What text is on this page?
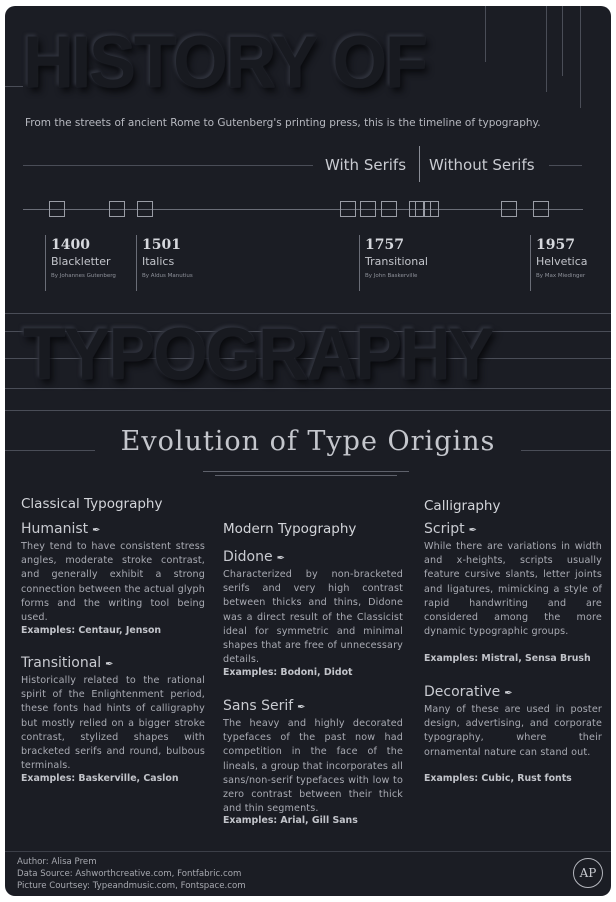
HISTORY OF
From the streets of ancient Rome to Gutenberg's printing press, this is the timeline of typography.
With Serifs Without Serifs
1400
Blackletter
By Johannes Gutenberg
1501
Italics
By Aldus Manutius
1757
Transitional
By John Baskerville
1957
Helvetica
By Max Miedinger
TYPOGRAPHY
Evolution of Type Origins
Classical Typography
Humanist ✒
They tend to have consistent stress angles, moderate stroke contrast, and generally exhibit a strong connection between the actual glyph forms and the writing tool being used.
Examples: Centaur, Jenson
Transitional ✒
Historically related to the rational spirit of the Enlightenment period, these fonts had hints of calligraphy but mostly relied on a bigger stroke contrast, stylized shapes with bracketed serifs and round, bulbous terminals.
Examples: Baskerville, Caslon
Modern Typography
Didone ✒
Characterized by non-bracketed serifs and very high contrast between thicks and thins, Didone was a direct result of the Classicist ideal for symmetric and minimal shapes that are free of unnecessary details.
Examples: Bodoni, Didot
Sans Serif ✒
The heavy and highly decorated typefaces of the past now had competition in the face of the lineals, a group that incorporates all sans/non-serif typefaces with low to zero contrast between their thick and thin segments.
Examples: Arial, Gill Sans
Calligraphy
Script ✒
While there are variations in width and x-heights, scripts usually feature cursive slants, letter joints and ligatures, mimicking a style of rapid handwriting and are considered among the more dynamic typographic groups.
Examples: Mistral, Sensa Brush
Decorative ✒
Many of these are used in poster design, advertising, and corporate typography, where their ornamental nature can stand out.
Examples: Cubic, Rust fonts
Author: Alisa Prem
Data Source: Ashworthcreative.com, Fontfabric.com
Picture Courtsey: Typeandmusic.com, Fontspace.com
AP
